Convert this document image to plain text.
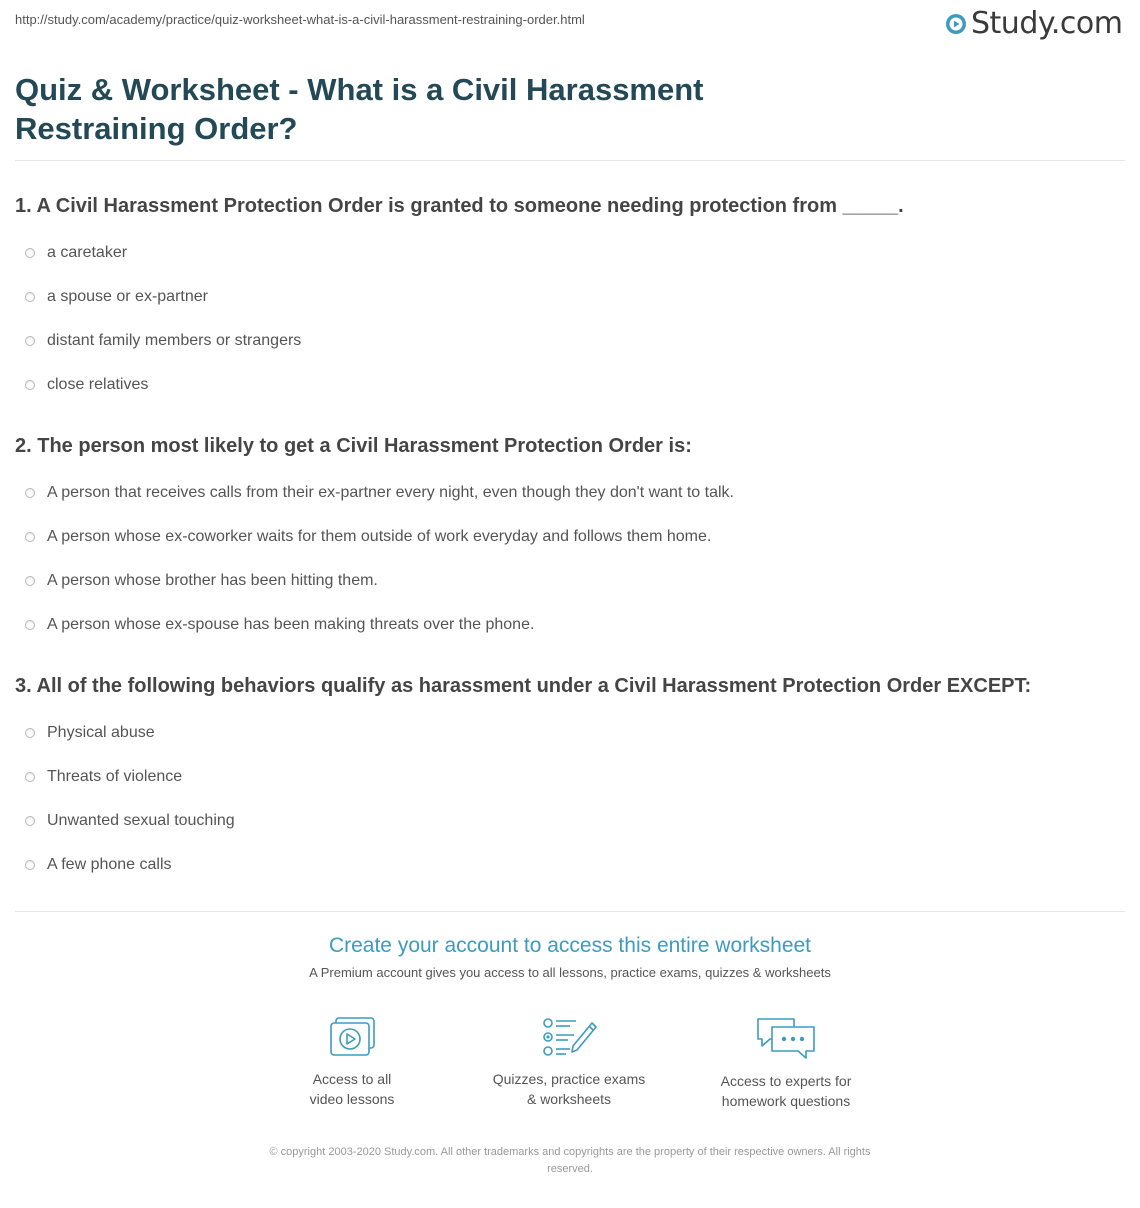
http://study.com/academy/practice/quiz-worksheet-what-is-a-civil-harassment-restraining-order.html	Study.com
Quiz & Worksheet - What is a Civil Harassment Restraining Order?
1. A Civil Harassment Protection Order is granted to someone needing protection from _____.
a caretaker
a spouse or ex-partner
distant family members or strangers
close relatives
2. The person most likely to get a Civil Harassment Protection Order is:
A person that receives calls from their ex-partner every night, even though they don't want to talk.
A person whose ex-coworker waits for them outside of work everyday and follows them home.
A person whose brother has been hitting them.
A person whose ex-spouse has been making threats over the phone.
3. All of the following behaviors qualify as harassment under a Civil Harassment Protection Order EXCEPT:
Physical abuse
Threats of violence
Unwanted sexual touching
A few phone calls
Create your account to access this entire worksheet
A Premium account gives you access to all lessons, practice exams, quizzes & worksheets
Access to all
video lessons
Quizzes, practice exams
& worksheets
Access to experts for
homework questions
© copyright 2003-2020 Study.com. All other trademarks and copyrights are the property of their respective owners. All rights
reserved.
